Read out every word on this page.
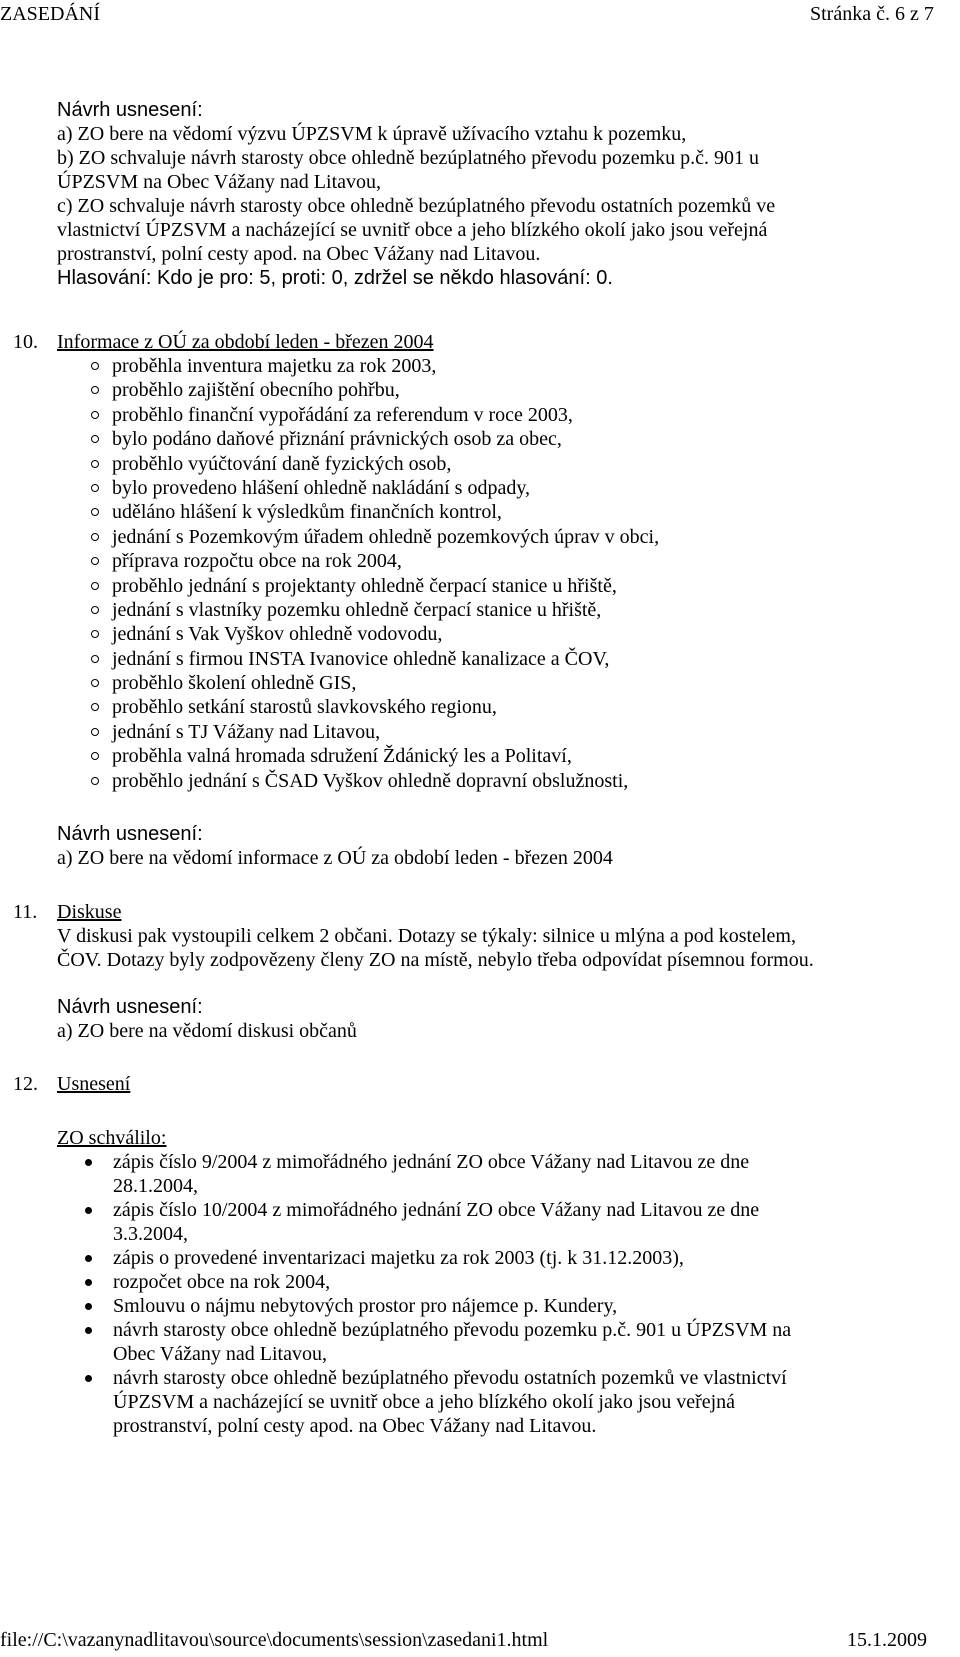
ZASEDÁNÍ	Stránka č. 6 z 7
Návrh usnesení:
a) ZO bere na vědomí výzvu ÚPZSVM k úpravě užívacího vztahu k pozemku,
b) ZO schvaluje návrh starosty obce ohledně bezúplatného převodu pozemku p.č. 901 u
ÚPZSVM na Obec Vážany nad Litavou,
c) ZO schvaluje návrh starosty obce ohledně bezúplatného převodu ostatních pozemků ve
vlastnictví ÚPZSVM a nacházející se uvnitř obce a jeho blízkého okolí jako jsou veřejná
prostranství, polní cesty apod. na Obec Vážany nad Litavou.
Hlasování: Kdo je pro: 5, proti: 0, zdržel se někdo hlasování: 0.
10. Informace z OÚ za období leden - březen 2004
proběhla inventura majetku za rok 2003,
proběhlo zajištění obecního pohřbu,
proběhlo finanční vypořádání za referendum v roce 2003,
bylo podáno daňové přiznání právnických osob za obec,
proběhlo vyúčtování daně fyzických osob,
bylo provedeno hlášení ohledně nakládání s odpady,
uděláno hlášení k výsledkům finančních kontrol,
jednání s Pozemkovým úřadem ohledně pozemkových úprav v obci,
příprava rozpočtu obce na rok 2004,
proběhlo jednání s projektanty ohledně čerpací stanice u hřiště,
jednání s vlastníky pozemku ohledně čerpací stanice u hřiště,
jednání s Vak Vyškov ohledně vodovodu,
jednání s firmou INSTA Ivanovice ohledně kanalizace a ČOV,
proběhlo školení ohledně GIS,
proběhlo setkání starostů slavkovského regionu,
jednání s TJ Vážany nad Litavou,
proběhla valná hromada sdružení Ždánický les a Politaví,
proběhlo jednání s ČSAD Vyškov ohledně dopravní obslužnosti,
Návrh usnesení:
a) ZO bere na vědomí informace z OÚ za období leden - březen 2004
11. Diskuse
V diskusi pak vystoupili celkem 2 občani. Dotazy se týkaly: silnice u mlýna a pod kostelem,
ČOV. Dotazy byly zodpovězeny členy ZO na místě, nebylo třeba odpovídat písemnou formou.
Návrh usnesení:
a) ZO bere na vědomí diskusi občanů
12. Usnesení
ZO schválilo:
zápis číslo 9/2004 z mimořádného jednání ZO obce Vážany nad Litavou ze dne
28.1.2004,
zápis číslo 10/2004 z mimořádného jednání ZO obce Vážany nad Litavou ze dne
3.3.2004,
zápis o provedené inventarizaci majetku za rok 2003 (tj. k 31.12.2003),
rozpočet obce na rok 2004,
Smlouvu o nájmu nebytových prostor pro nájemce p. Kundery,
návrh starosty obce ohledně bezúplatného převodu pozemku p.č. 901 u ÚPZSVM na
Obec Vážany nad Litavou,
návrh starosty obce ohledně bezúplatného převodu ostatních pozemků ve vlastnictví
ÚPZSVM a nacházející se uvnitř obce a jeho blízkého okolí jako jsou veřejná
prostranství, polní cesty apod. na Obec Vážany nad Litavou.
file://C:\vazanynadlitavou\source\documents\session\zasedani1.html	15.1.2009
